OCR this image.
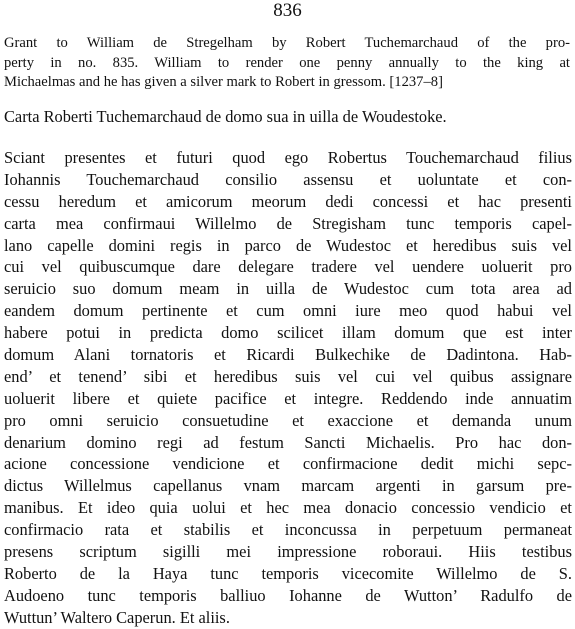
836
Grant to William de Stregelham by Robert Tuchemarchaud of the pro-
perty in no. 835. William to render one penny annually to the king at
Michaelmas and he has given a silver mark to Robert in gressom. [1237–8]
Carta Roberti Tuchemarchaud de domo sua in uilla de Woudestoke.
Sciant presentes et futuri quod ego Robertus Touchemarchaud filius
Iohannis Touchemarchaud consilio assensu et uoluntate et con-
cessu heredum et amicorum meorum dedi concessi et hac presenti
carta mea confirmaui Willelmo de Stregisham tunc temporis capel-
lano capelle domini regis in parco de Wudestoc et heredibus suis vel
cui vel quibuscumque dare delegare tradere vel uendere uoluerit pro
seruicio suo domum meam in uilla de Wudestoc cum tota area ad
eandem domum pertinente et cum omni iure meo quod habui vel
habere potui in predicta domo scilicet illam domum que est inter
domum Alani tornatoris et Ricardi Bulkechike de Dadintona. Hab-
end’ et tenend’ sibi et heredibus suis vel cui vel quibus assignare
uoluerit libere et quiete pacifice et integre. Reddendo inde annuatim
pro omni seruicio consuetudine et exaccione et demanda unum
denarium domino regi ad festum Sancti Michaelis. Pro hac don-
acione concessione vendicione et confirmacione dedit michi sepc-
dictus Willelmus capellanus vnam marcam argenti in garsum pre-
manibus. Et ideo quia uolui et hec mea donacio concessio vendicio et
confirmacio rata et stabilis et inconcussa in perpetuum permaneat
presens scriptum sigilli mei impressione roboraui. Hiis testibus
Roberto de la Haya tunc temporis vicecomite Willelmo de S.
Audoeno tunc temporis balliuo Iohanne de Wutton’ Radulfo de
Wuttun’ Waltero Caperun. Et aliis.
